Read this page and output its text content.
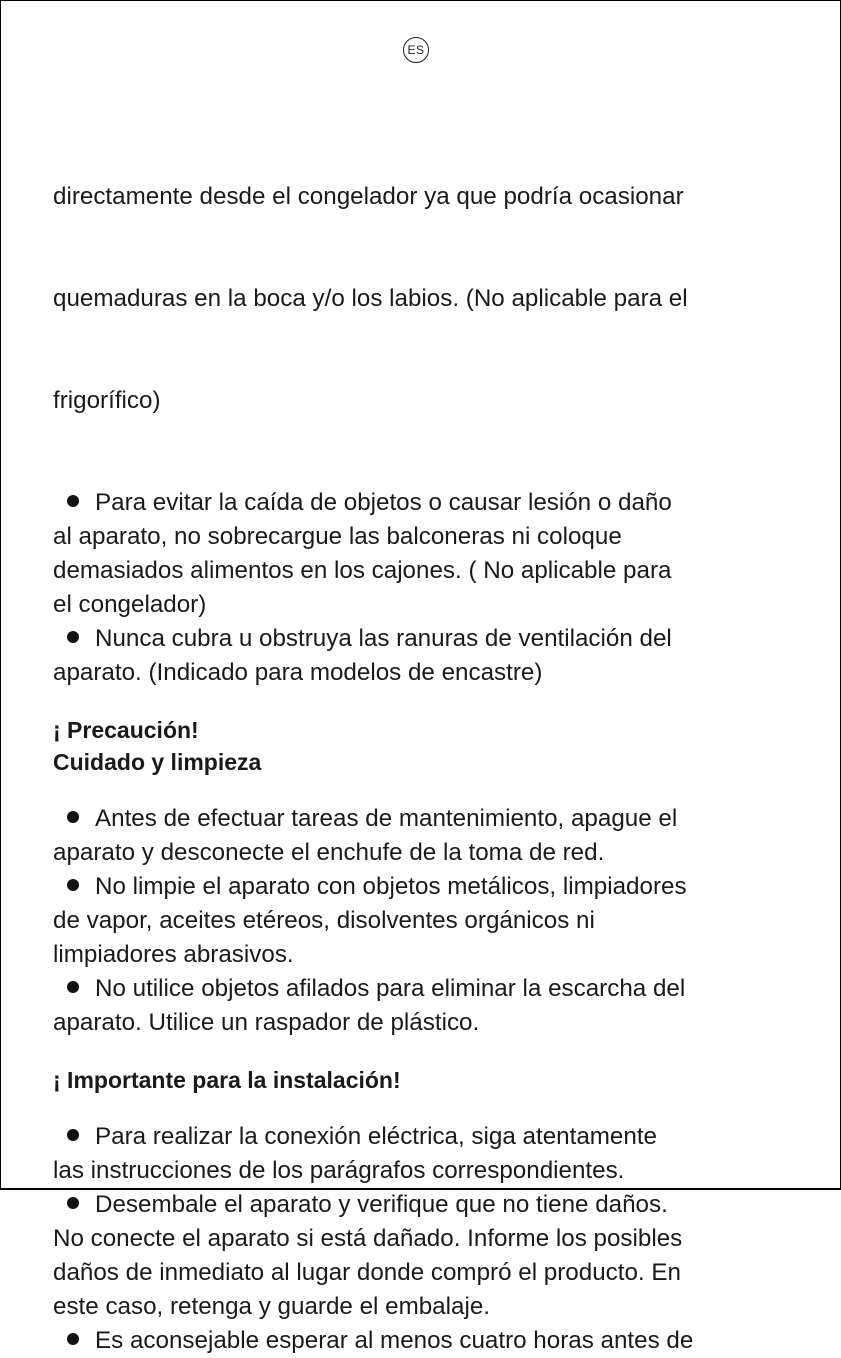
ES

directamente desde el congelador ya que podría ocasionar

quemaduras en la boca y/o los labios. (No aplicable para el

frigorífico)

Para evitar la caída de objetos o causar lesión o daño
al aparato, no sobrecargue las balconeras ni coloque
demasiados alimentos en los cajones. ( No aplicable para
el congelador)

Nunca cubra u obstruya las ranuras de ventilación del
aparato. (Indicado para modelos de encastre)

¡ Precaución!

Cuidado y limpieza

Antes de efectuar tareas de mantenimiento, apague el
aparato y desconecte el enchufe de la toma de red.

No limpie el aparato con objetos metálicos, limpiadores
de vapor, aceites etéreos, disolventes orgánicos ni
limpiadores abrasivos.

No utilice objetos afilados para eliminar la escarcha del
aparato. Utilice un raspador de plástico.

¡ Importante para la instalación!

Para realizar la conexión eléctrica, siga atentamente
las instrucciones de los parágrafos correspondientes.

Desembale el aparato y verifique que no tiene daños.
No conecte el aparato si está dañado. Informe los posibles
daños de inmediato al lugar donde compró el producto. En
este caso, retenga y guarde el embalaje.

Es aconsejable esperar al menos cuatro horas antes de
